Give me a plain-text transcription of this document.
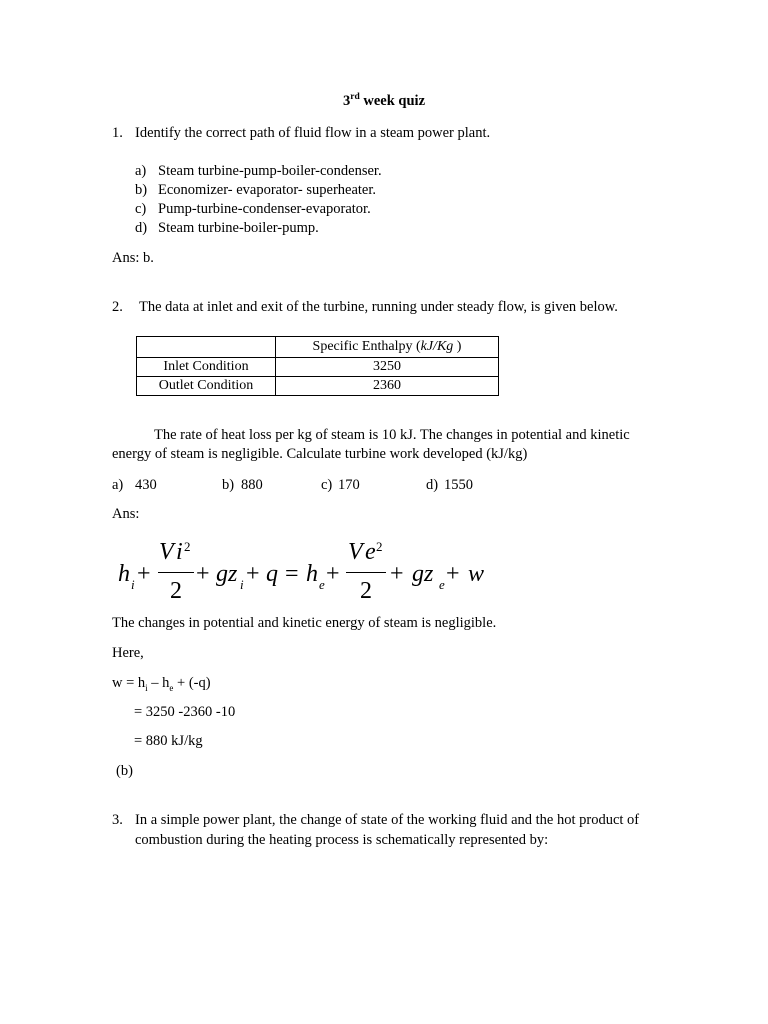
3rd week quiz
1. Identify the correct path of fluid flow in a steam power plant.
a) Steam turbine-pump-boiler-condenser.
b) Economizer- evaporator- superheater.
c) Pump-turbine-condenser-evaporator.
d) Steam turbine-boiler-pump.
Ans: b.
2. The data at inlet and exit of the turbine, running under steady flow, is given below.
	Specific Enthalpy (kJ/Kg )
Inlet Condition	3250
Outlet Condition	2360
The rate of heat loss per kg of steam is 10 kJ. The changes in potential and kinetic
energy of steam is negligible. Calculate turbine work developed (kJ/kg)
a) 430	b) 880	c) 170	d) 1550
Ans:
h i +
V i 2
2
+ gz i + q = h e +
V e 2
2
+ gz e + w
The changes in potential and kinetic energy of steam is negligible.
Here,
$w = h_i - h_e + (-q)$
= 3250 -2360 -10
= 880 kJ/kg
(b)
3. In a simple power plant, the change of state of the working fluid and the hot product of
combustion during the heating process is schematically represented by:
